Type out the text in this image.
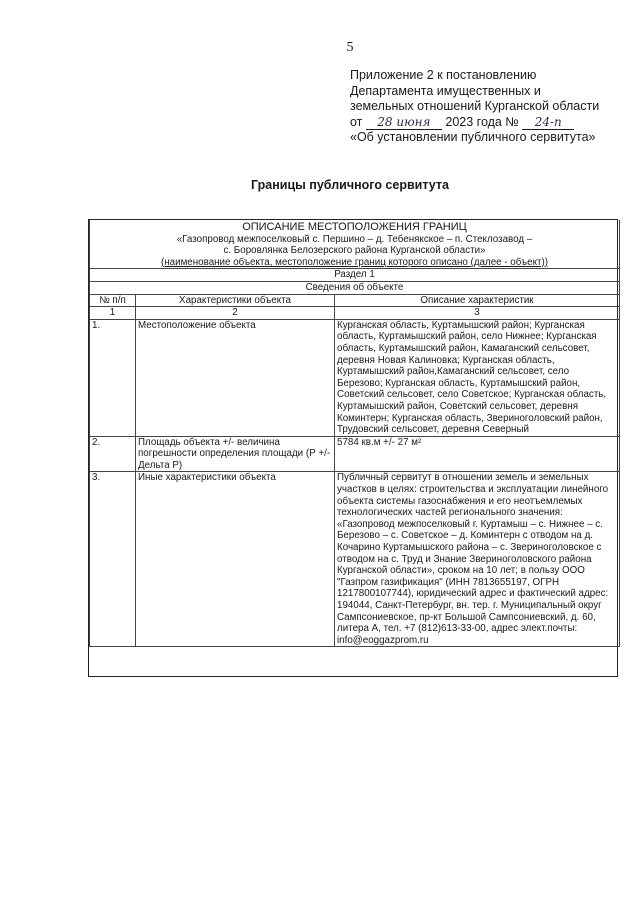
5
Приложение 2 к постановлению
Департамента имущественных и
земельных отношений Курганской области
от 28 июня 2023 года № 24-п
«Об установлении публичного сервитута»
Границы публичного сервитута
ОПИСАНИЕ МЕСТОПОЛОЖЕНИЯ ГРАНИЦ
«Газопровод межпоселковый с. Першино – д. Тебенякское – п. Стеклозавод –
с. Боровлянка Белозерского района Курганской области»
(наименование объекта, местоположение границ которого описано (далее - объект))		

Раздел 1		
Сведения об объекте		
№ п/п	Характеристики объекта	Описание характеристик
1	2	3
1.	Местоположение объекта	Курганская область, Куртамышский район; Курганская область, Куртамышский район, село Нижнее; Курганская область, Куртамышский район, Камаганский сельсовет, деревня Новая Калиновка; Курганская область, Куртамышский район,Камаганский сельсовет, село Березово; Курганская область, Куртамышский район, Советский сельсовет, село Советское; Курганская область, Куртамышский район, Советский сельсовет, деревня Коминтерн; Курганская область, Звериноголовский район, Трудовский сельсовет, деревня Северный
2.	Площадь объекта +/- величина погрешности определения площади (Р +/- Дельта Р)	5784 кв.м +/- 27 м²
3.	Иные характеристики объекта	Публичный сервитут в отношении земель и земельных участков в целях: строительства и эксплуатации линейного объекта системы газоснабжения и его неотъемлемых технологических частей регионального значения: «Газопровод межпоселковый г. Куртамыш – с. Нижнее – с. Березово – с. Советское – д. Коминтерн с отводом на д. Кочарино Куртамышского района – с. Звериноголовское с отводом на с. Труд и Знание Звериноголовского района Курганской области», сроком на 10 лет; в пользу ООО "Газпром газификация" (ИНН 7813655197, ОГРН 1217800107744), юридический адрес и фактический адрес: 194044, Санкт-Петербург, вн. тер. г. Муниципальный округ Сампсониевское, пр-кт Большой Сампсониевский, д. 60, литера А, тел. +7 (812)613-33-00, адрес элект.почты: info@eoggazprom.ru
